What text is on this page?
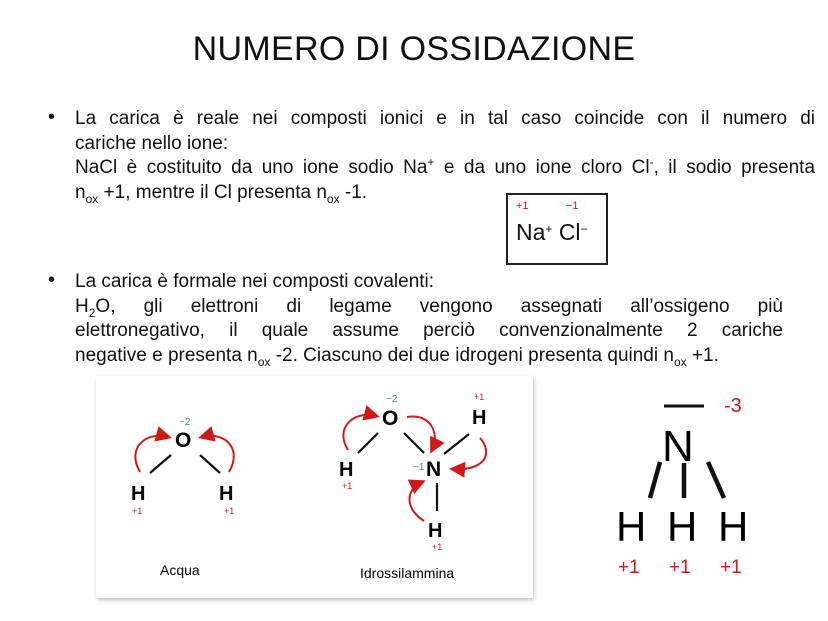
NUMERO DI OSSIDAZIONE
• La carica è reale nei composti ionici e in tal caso coincide con il numero di
cariche nello ione:
NaCl è costituito da uno ione sodio Na+ e da uno ione cloro Cl-, il sodio presenta
$n_{ox} +1$, mentre il Cl presenta $n_{ox}$ -1.
+1	−1
Na+ Cl−
• La carica è formale nei composti covalenti:
$H_2O$, gli elettroni di legame vengono assegnati all’ossigeno più
elettronegativo, il quale assume perciò convenzionalmente 2 cariche
negative e presenta $n_{ox}$ -2. Ciascuno dei due idrogeni presenta quindi $n_{ox} +1$.
−2
O
H	H
+1	+1
Acqua
−2
O
+1
H
H
+1
−1 N
H
+1
Idrossilammina
N
-3
H H H
+1 +1 +1
